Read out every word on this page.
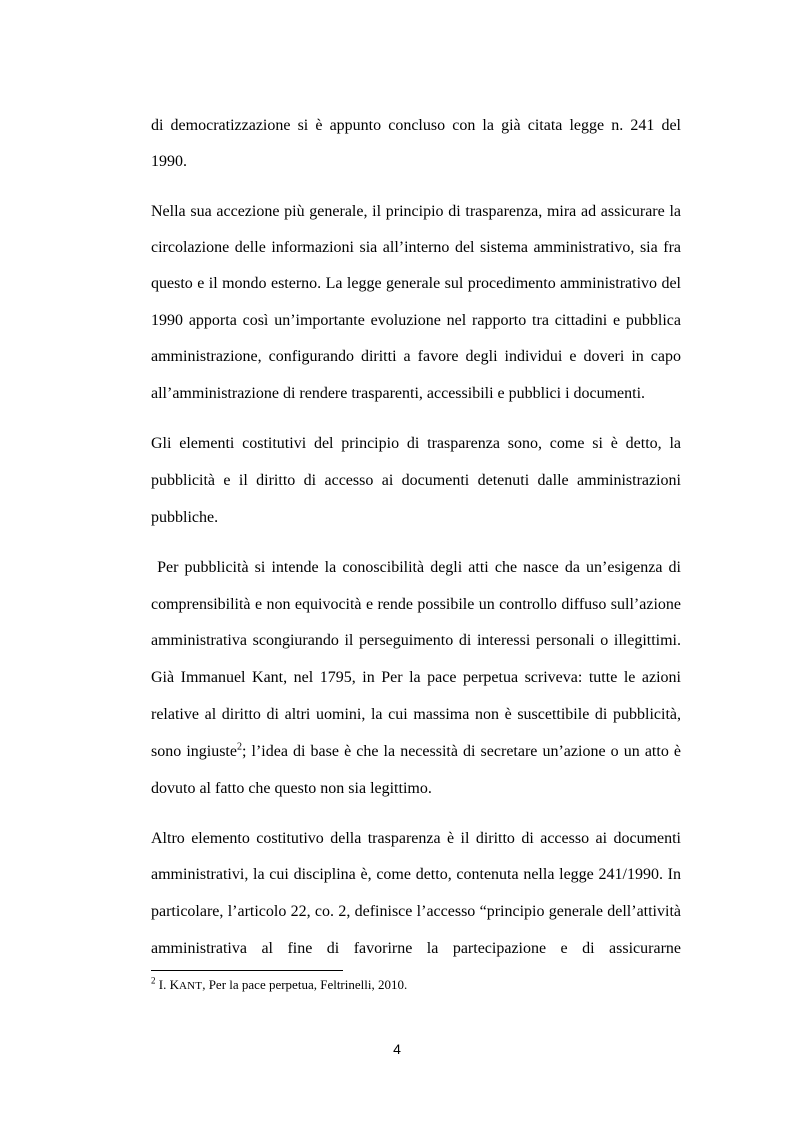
di democratizzazione si è appunto concluso con la già citata legge n. 241 del
1990.
Nella sua accezione più generale, il principio di trasparenza, mira ad assicurare la
circolazione delle informazioni sia all’interno del sistema amministrativo, sia fra
questo e il mondo esterno. La legge generale sul procedimento amministrativo del
1990 apporta così un’importante evoluzione nel rapporto tra cittadini e pubblica
amministrazione, configurando diritti a favore degli individui e doveri in capo
all’amministrazione di rendere trasparenti, accessibili e pubblici i documenti.
Gli elementi costitutivi del principio di trasparenza sono, come si è detto, la
pubblicità e il diritto di accesso ai documenti detenuti dalle amministrazioni
pubbliche.
Per pubblicità si intende la conoscibilità degli atti che nasce da un’esigenza di
comprensibilità e non equivocità e rende possibile un controllo diffuso sull’azione
amministrativa scongiurando il perseguimento di interessi personali o illegittimi.
Già Immanuel Kant, nel 1795, in Per la pace perpetua scriveva: tutte le azioni
relative al diritto di altri uomini, la cui massima non è suscettibile di pubblicità,
sono ingiuste$^2$; l’idea di base è che la necessità di secretare un’azione o un atto è
dovuto al fatto che questo non sia legittimo.
Altro elemento costitutivo della trasparenza è il diritto di accesso ai documenti
amministrativi, la cui disciplina è, come detto, contenuta nella legge 241/1990. In
particolare, l’articolo 22, co. 2, definisce l’accesso “principio generale dell’attività
amministrativa al fine di favorirne la partecipazione e di assicurarne
$^2$ I. KANT, Per la pace perpetua, Feltrinelli, 2010.
4
